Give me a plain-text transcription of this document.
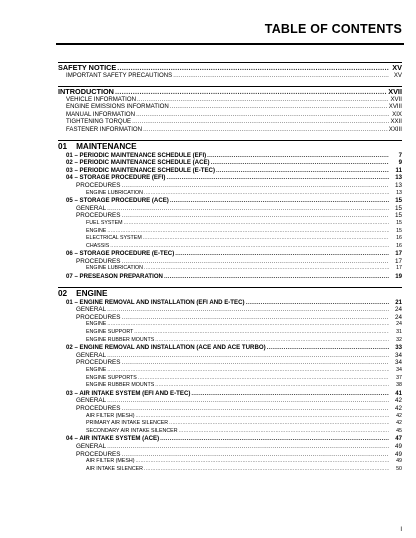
TABLE OF CONTENTS
SAFETY NOTICE .....	XV
IMPORTANT SAFETY PRECAUTIONS .....	XV
INTRODUCTION .....	XVII
VEHICLE INFORMATION .....	XVII
ENGINE EMISSIONS INFORMATION .....	XVIII
MANUAL INFORMATION .....	XIX
TIGHTENING TORQUE .....	XXII
FASTENER INFORMATION .....	XXIII
01 MAINTENANCE
01 – PERIODIC MAINTENANCE SCHEDULE (EFI) .....	7
02 – PERIODIC MAINTENANCE SCHEDULE (ACE) .....	9
03 – PERIODIC MAINTENANCE SCHEDULE (E-TEC) .....	11
04 – STORAGE PROCEDURE (EFI) .....	13
PROCEDURES .....	13
ENGINE LUBRICATION .....	13
05 – STORAGE PROCEDURE (ACE) .....	15
GENERAL .....	15
PROCEDURES .....	15
FUEL SYSTEM .....	15
ENGINE .....	15
ELECTRICAL SYSTEM .....	16
CHASSIS .....	16
06 – STORAGE PROCEDURE (E-TEC) .....	17
PROCEDURES .....	17
ENGINE LUBRICATION .....	17
07 – PRESEASON PREPARATION .....	19
02 ENGINE
01 – ENGINE REMOVAL AND INSTALLATION (EFI AND E-TEC) .....	21
GENERAL .....	24
PROCEDURES .....	24
ENGINE .....	24
ENGINE SUPPORT .....	31
ENGINE RUBBER MOUNTS .....	32
02 – ENGINE REMOVAL AND INSTALLATION (ACE AND ACE TURBO) .....	33
GENERAL .....	34
PROCEDURES .....	34
ENGINE .....	34
ENGINE SUPPORTS .....	37
ENGINE RUBBER MOUNTS .....	38
03 – AIR INTAKE SYSTEM (EFI AND E-TEC) .....	41
GENERAL .....	42
PROCEDURES .....	42
AIR FILTER (MESH) .....	42
PRIMARY AIR INTAKE SILENCER .....	42
SECONDARY AIR INTAKE SILENCER .....	45
04 – AIR INTAKE SYSTEM (ACE) .....	47
GENERAL .....	49
PROCEDURES .....	49
AIR FILTER (MESH) .....	49
AIR INTAKE SILENCER .....	50
I
